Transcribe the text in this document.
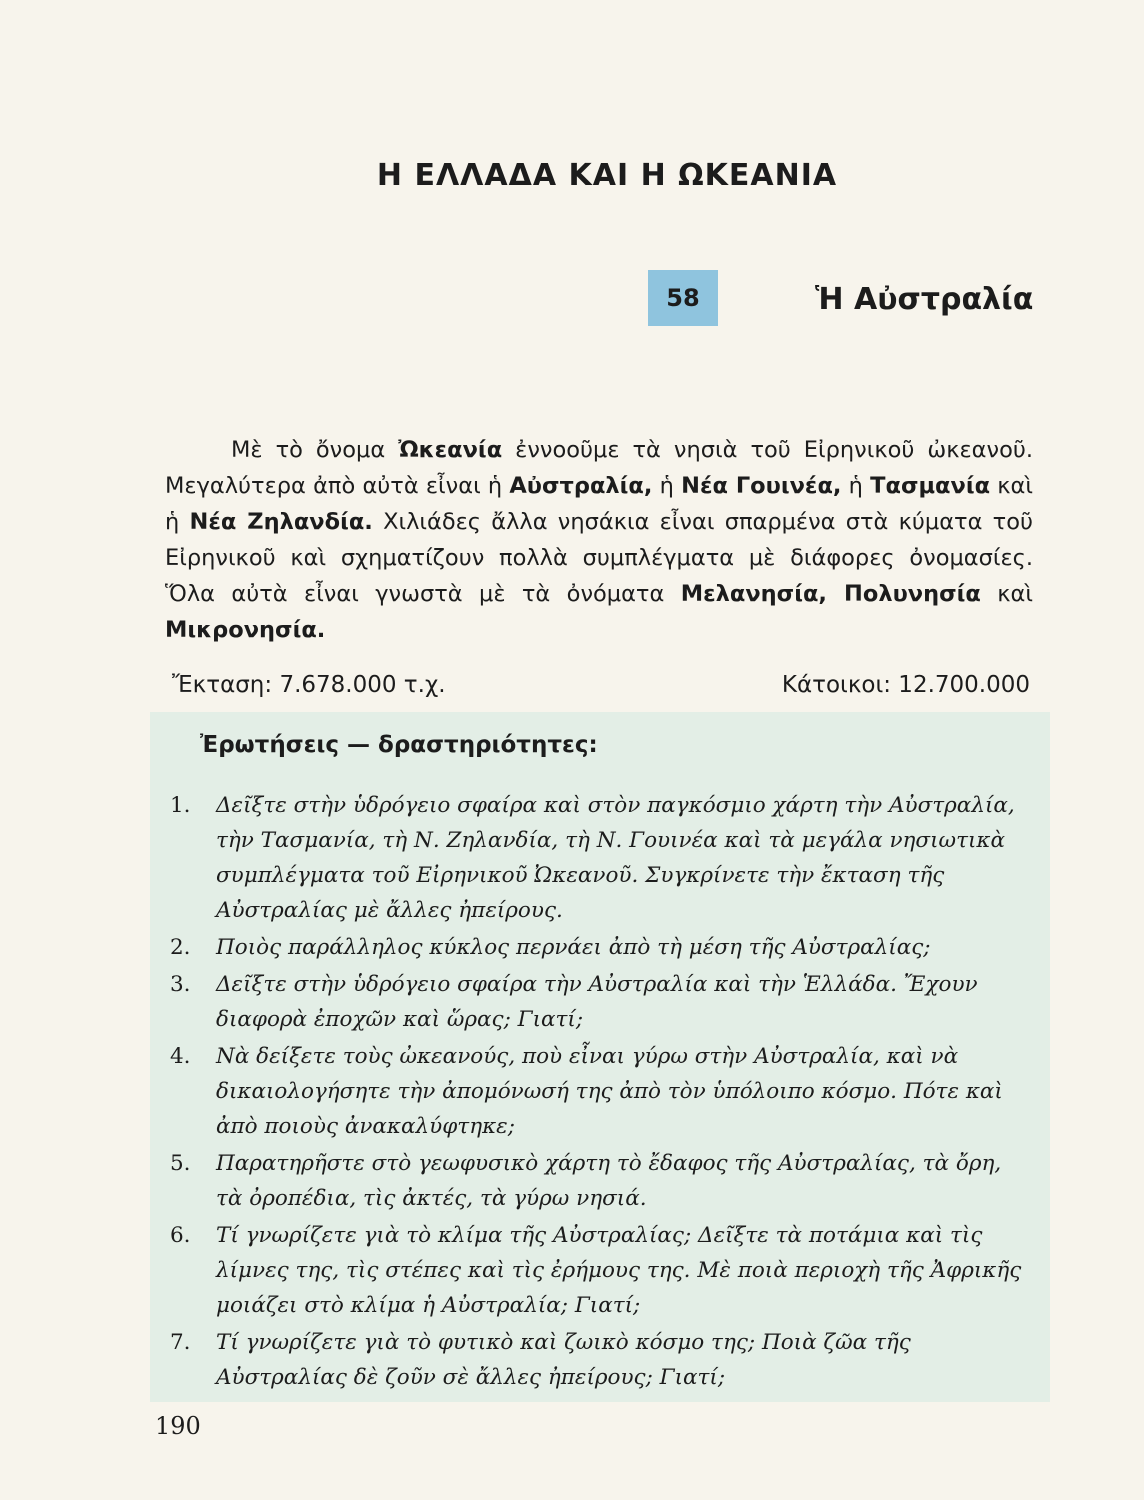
Η ΕΛΛΑΔΑ ΚΑΙ Η ΩΚΕΑΝΙΑ
58	Ἡ Αὐστραλία

Μὲ τὸ ὄνομα Ὠκεανία ἐννοοῦμε τὰ νησιὰ τοῦ Εἰρηνικοῦ ὠκεανοῦ. Μεγαλύτερα ἀπὸ αὐτὰ εἶναι ἡ Αὐστραλία, ἡ Νέα Γουινέα, ἡ Τασμανία καὶ ἡ Νέα Ζηλανδία. Χιλιάδες ἄλλα νησάκια εἶναι σπαρμένα στὰ κύματα τοῦ Εἰρηνικοῦ καὶ σχηματίζουν πολλὰ συμπλέγματα μὲ διάφορες ὀνομασίες. Ὅλα αὐτὰ εἶναι γνωστὰ μὲ τὰ ὀνόματα Μελανησία, Πολυνησία καὶ Μικρονησία.

Ἔκταση: 7.678.000 τ.χ.	Κάτοικοι: 12.700.000
Ἐρωτήσεις — δραστηριότητες:
1.	Δεῖξτε στὴν ὑδρόγειο σφαίρα καὶ στὸν παγκόσμιο χάρτη τὴν Αὐστραλία, τὴν Τασμανία, τὴ Ν. Ζηλανδία, τὴ Ν. Γουινέα καὶ τὰ μεγάλα νησιωτικὰ συμπλέγματα τοῦ Εἰρηνικοῦ Ὠκεανοῦ. Συγκρίνετε τὴν ἔκταση τῆς Αὐστραλίας μὲ ἄλλες ἠπείρους.
2.	Ποιὸς παράλληλος κύκλος περνάει ἀπὸ τὴ μέση τῆς Αὐστραλίας;
3.	Δεῖξτε στὴν ὑδρόγειο σφαίρα τὴν Αὐστραλία καὶ τὴν Ἑλλάδα. Ἔχουν διαφορὰ ἐποχῶν καὶ ὥρας; Γιατί;
4.	Νὰ δείξετε τοὺς ὠκεανούς, ποὺ εἶναι γύρω στὴν Αὐστραλία, καὶ νὰ δικαιολογήσητε τὴν ἀπομόνωσή της ἀπὸ τὸν ὑπόλοιπο κόσμο. Πότε καὶ ἀπὸ ποιοὺς ἀνακαλύφτηκε;
5.	Παρατηρῆστε στὸ γεωφυσικὸ χάρτη τὸ ἔδαφος τῆς Αὐστραλίας, τὰ ὄρη, τὰ ὀροπέδια, τὶς ἀκτές, τὰ γύρω νησιά.
6.	Τί γνωρίζετε γιὰ τὸ κλίμα τῆς Αὐστραλίας; Δεῖξτε τὰ ποτάμια καὶ τὶς λίμνες της, τὶς στέπες καὶ τὶς ἐρήμους της. Μὲ ποιὰ περιοχὴ τῆς Ἀφρικῆς μοιάζει στὸ κλίμα ἡ Αὐστραλία; Γιατί;
7.	Τί γνωρίζετε γιὰ τὸ φυτικὸ καὶ ζωικὸ κόσμο της; Ποιὰ ζῶα τῆς Αὐστραλίας δὲ ζοῦν σὲ ἄλλες ἠπείρους; Γιατί;
190
